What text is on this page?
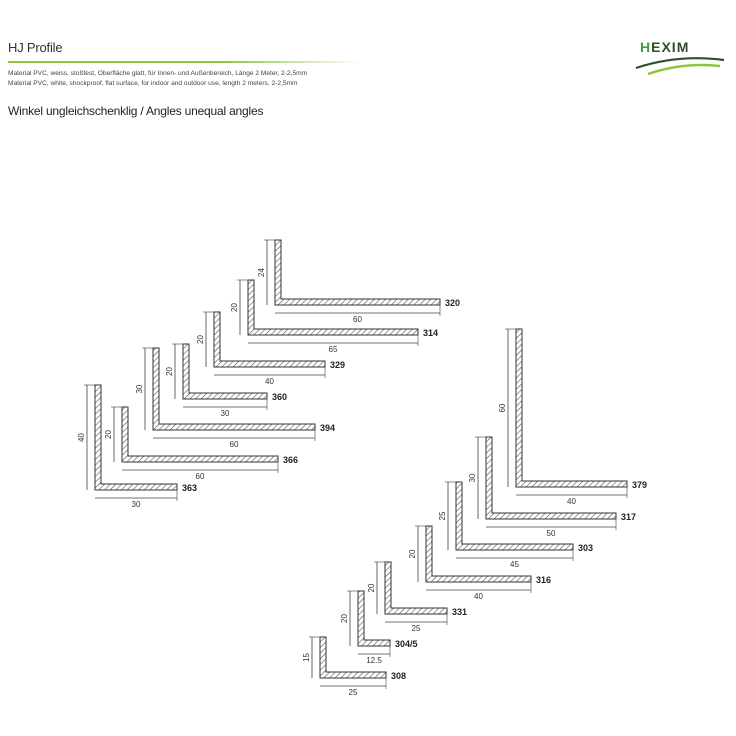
HJ Profile
Material PVC, weiss, stoßfest, Oberfläche glatt, für Innen- und Außenbereich, Länge 2 Meter, 2-2,5mm
Material PVC, white, shockproof, flat surface, for indoor and outdoor use, length 2 meters, 2-2,5mm
Winkel ungleichschenklig / Angles unequal angles
HEXIM
24
60
320
20
65
314
20
40
329
20
30
360
30
60
394
20
60
366
40
30
363
60
40
379
30
50
317
25
45
303
20
40
316
20
25
331
20
12.5
304/5
15
25
308
